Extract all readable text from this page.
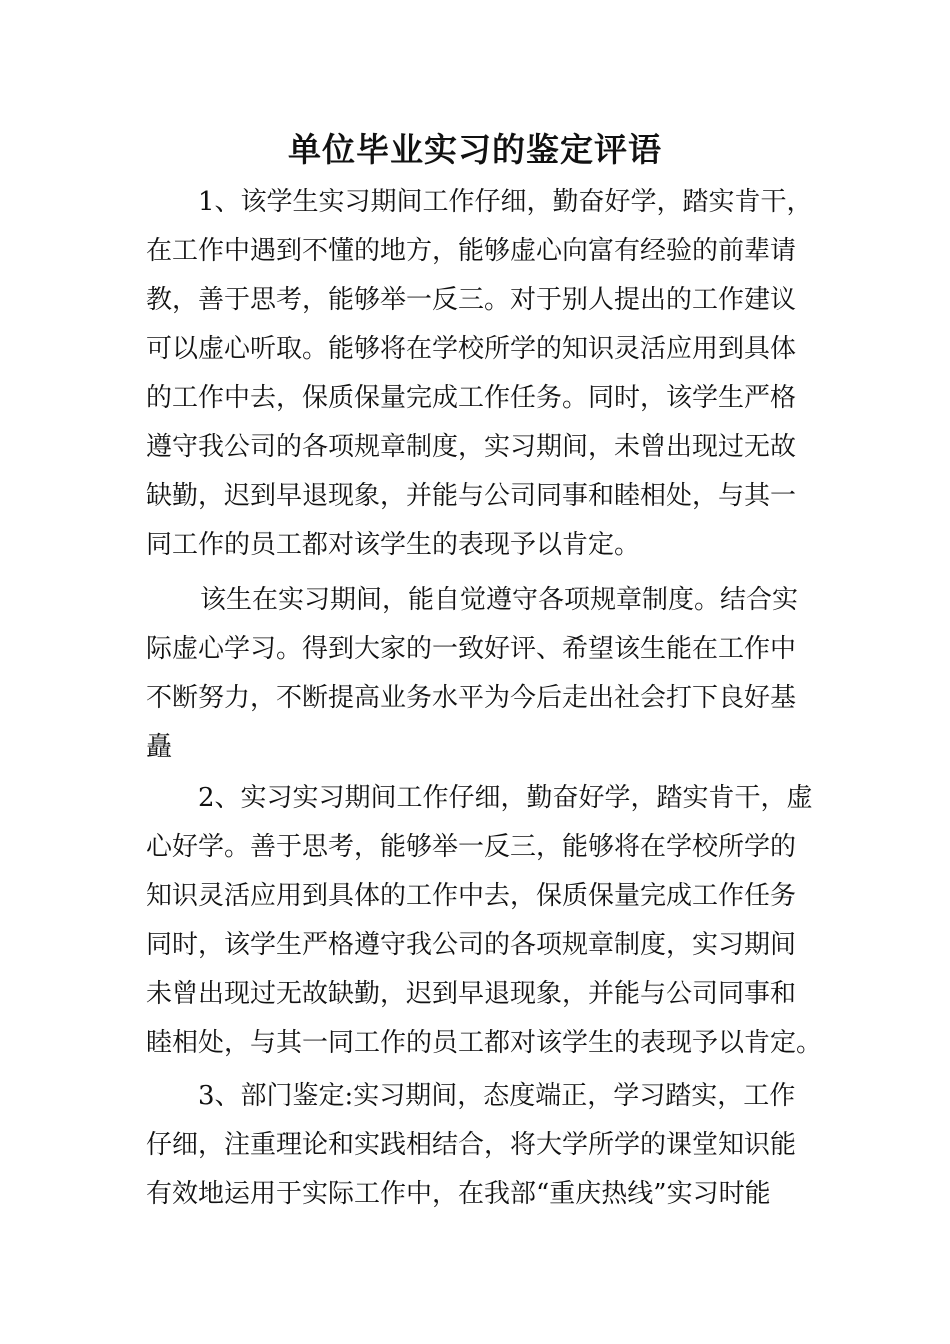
单位毕业实习的鉴定评语

1、该学生实习期间工作仔细，勤奋好学，踏实肯干，

在工作中遇到不懂的地方，能够虚心向富有经验的前辈请

教，善于思考，能够举一反三。对于别人提出的工作建议

可以虚心听取。能够将在学校所学的知识灵活应用到具体

的工作中去，保质保量完成工作任务。同时，该学生严格

遵守我公司的各项规章制度，实习期间，未曾出现过无故

缺勤，迟到早退现象，并能与公司同事和睦相处，与其一

同工作的员工都对该学生的表现予以肯定。

该生在实习期间，能自觉遵守各项规章制度。结合实

际虚心学习。得到大家的一致好评、希望该生能在工作中

不断努力，不断提高业务水平为今后走出社会打下良好基

矗

2、实习实习期间工作仔细，勤奋好学，踏实肯干，虚

心好学。善于思考，能够举一反三，能够将在学校所学的

知识灵活应用到具体的工作中去，保质保量完成工作任务

同时，该学生严格遵守我公司的各项规章制度，实习期间

未曾出现过无故缺勤，迟到早退现象，并能与公司同事和

睦相处，与其一同工作的员工都对该学生的表现予以肯定。

3、部门鉴定:实习期间，态度端正，学习踏实，工作

仔细，注重理论和实践相结合，将大学所学的课堂知识能

有效地运用于实际工作中，在我部“重庆热线”实习时能
